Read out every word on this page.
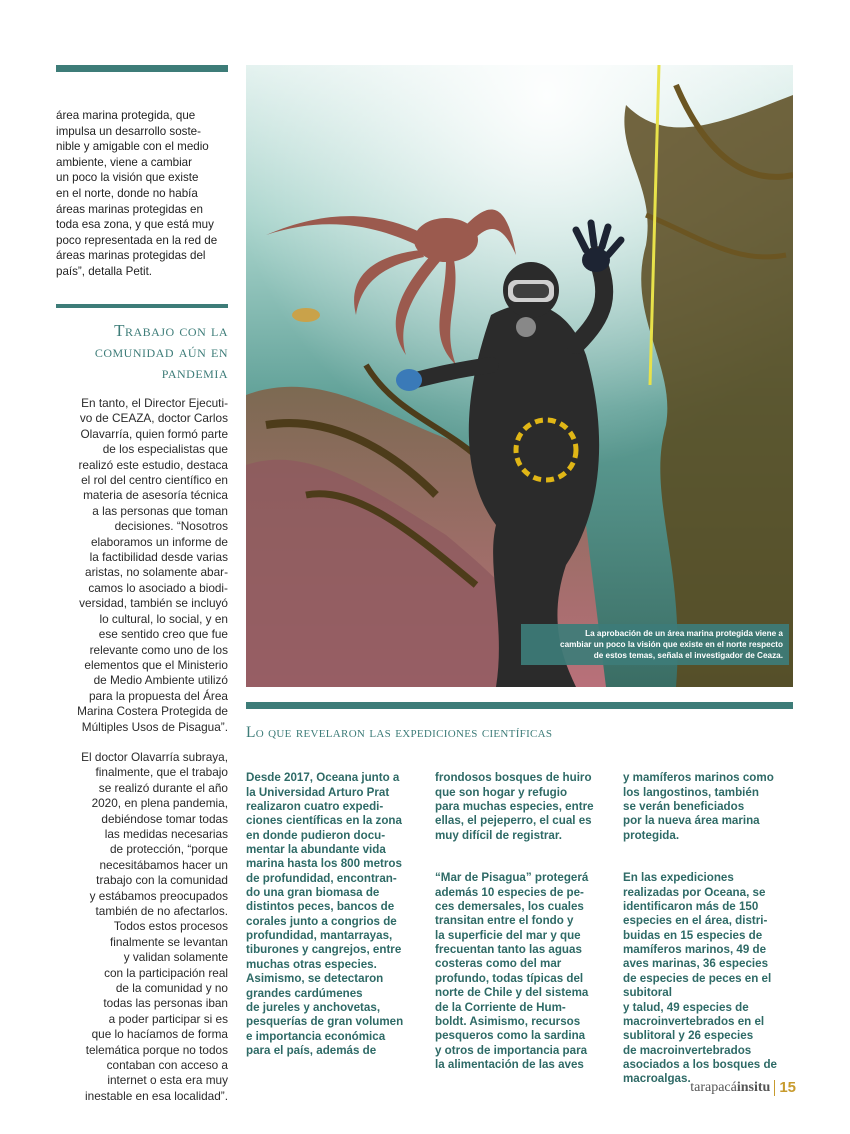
área marina protegida, que
impulsa un desarrollo soste-
nible y amigable con el medio
ambiente, viene a cambiar
un poco la visión que existe
en el norte, donde no había
áreas marinas protegidas en
toda esa zona, y que está muy
poco representada en la red de
áreas marinas protegidas del
país”, detalla Petit.
Trabajo con la comunidad aún en pandemia

En tanto, el Director Ejecuti-
vo de CEAZA, doctor Carlos
Olavarría, quien formó parte
de los especialistas que
realizó este estudio, destaca
el rol del centro científico en
materia de asesoría técnica
a las personas que toman
decisiones. “Nosotros
elaboramos un informe de
la factibilidad desde varias
aristas, no solamente abar-
camos lo asociado a biodi-
versidad, también se incluyó
lo cultural, lo social, y en
ese sentido creo que fue
relevante como uno de los
elementos que el Ministerio
de Medio Ambiente utilizó
para la propuesta del Área
Marina Costera Protegida de
Múltiples Usos de Pisagua”.

El doctor Olavarría subraya,
finalmente, que el trabajo
se realizó durante el año
2020, en plena pandemia,
debiéndose tomar todas
las medidas necesarias
de protección, “porque
necesitábamos hacer un
trabajo con la comunidad
y estábamos preocupados
también de no afectarlos.
Todos estos procesos
finalmente se levantan
y validan solamente
con la participación real
de la comunidad y no
todas las personas iban
a poder participar si es
que lo hacíamos de forma
telemática porque no todos
contaban con acceso a
internet o esta era muy
inestable en esa localidad”.

La aprobación de un área marina protegida viene a
cambiar un poco la visión que existe en el norte respecto
de estos temas, señala el investigador de Ceaza.
Lo que revelaron las expediciones científicas

Desde 2017, Oceana junto a
la Universidad Arturo Prat
realizaron cuatro expedi-
ciones científicas en la zona
en donde pudieron docu-
mentar la abundante vida
marina hasta los 800 metros
de profundidad, encontran-
do una gran biomasa de
distintos peces, bancos de
corales junto a congrios de
profundidad, mantarrayas,
tiburones y cangrejos, entre
muchas otras especies.
Asimismo, se detectaron
grandes cardúmenes
de jureles y anchovetas,
pesquerías de gran volumen
e importancia económica
para el país, además de

frondosos bosques de huiro
que son hogar y refugio
para muchas especies, entre
ellas, el pejeperro, el cual es
muy difícil de registrar.

“Mar de Pisagua” protegerá
además 10 especies de pe-
ces demersales, los cuales
transitan entre el fondo y
la superficie del mar y que
frecuentan tanto las aguas
costeras como del mar
profundo, todas típicas del
norte de Chile y del sistema
de la Corriente de Hum-
boldt. Asimismo, recursos
pesqueros como la sardina
y otros de importancia para
la alimentación de las aves

y mamíferos marinos como
los langostinos, también
se verán beneficiados
por la nueva área marina
protegida.

En las expediciones
realizadas por Oceana, se
identificaron más de 150
especies en el área, distri-
buidas en 15 especies de
mamíferos marinos, 49 de
aves marinas, 36 especies
de especies de peces en el subitoral
y talud, 49 especies de
macroinvertebrados en el
sublitoral y 26 especies
de macroinvertebrados
asociados a los bosques de
macroalgas.

tarapacá insitu 15
